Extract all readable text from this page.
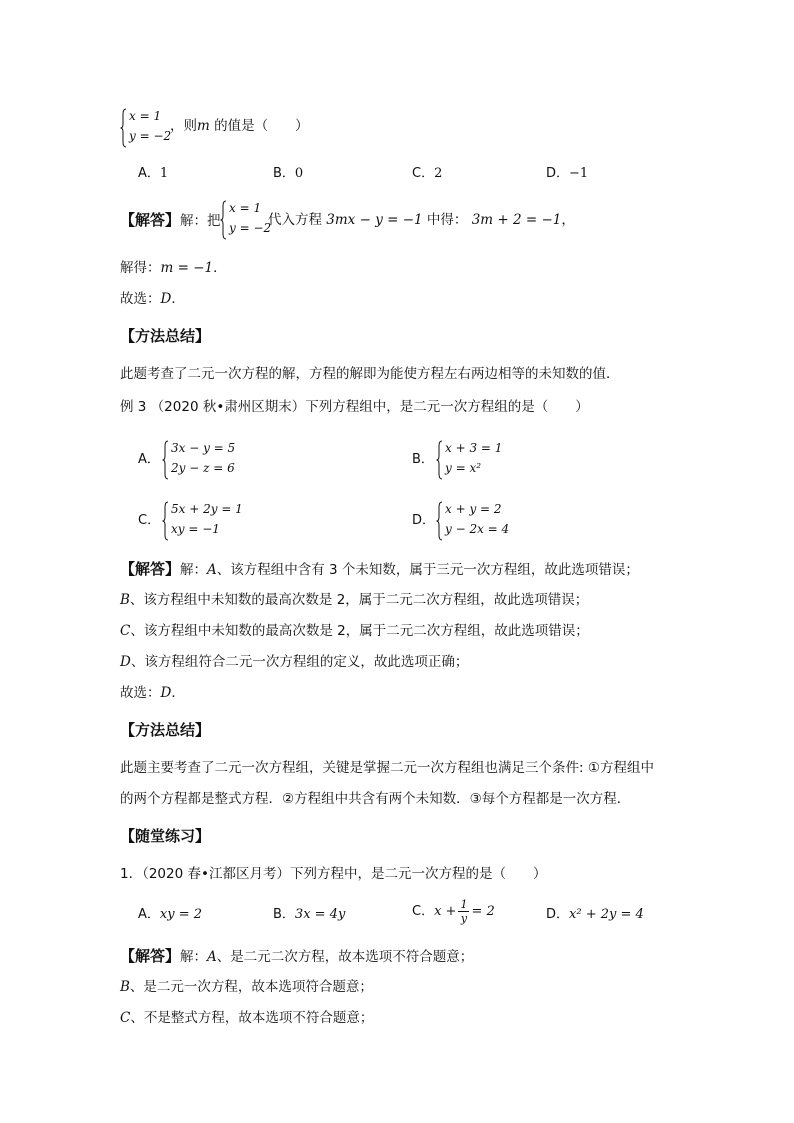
x = 1
y = −2
，则m 的值是（　　）
A．1	B．0	C．2	D．−1
【解答】解：把
x = 1
y = −2
代入方程 3mx − y = −1 中得： 3m + 2 = −1，
解得：m = −1．
故选：D．
【方法总结】
此题考查了二元一次方程的解，方程的解即为能使方程左右两边相等的未知数的值．
例 3 （2020 秋•肃州区期末）下列方程组中，是二元一次方程组的是（　　）
A．
3x − y = 5
2y − z = 6
B．
x + 3 = 1
y = x²
C．
5x + 2y = 1
xy = −1
D．
x + y = 2
y − 2x = 4
【解答】解：A、该方程组中含有 3 个未知数，属于三元一次方程组，故此选项错误；
B、该方程组中未知数的最高次数是 2，属于二元二次方程组，故此选项错误；
C、该方程组中未知数的最高次数是 2，属于二元二次方程组，故此选项错误；
D、该方程组符合二元一次方程组的定义，故此选项正确；
故选：D．
【方法总结】
此题主要考查了二元一次方程组，关键是掌握二元一次方程组也满足三个条件: ①方程组中
的两个方程都是整式方程．②方程组中共含有两个未知数．③每个方程都是一次方程．
【随堂练习】
1．（2020 春•江都区月考）下列方程中，是二元一次方程的是（　　）
A．xy = 2	B．3x = 4y	C．$x + \frac{1}{y} = 2$	D．x² + 2y = 4
【解答】解：A、是二元二次方程，故本选项不符合题意；
B、是二元一次方程，故本选项符合题意；
C、不是整式方程，故本选项不符合题意；
